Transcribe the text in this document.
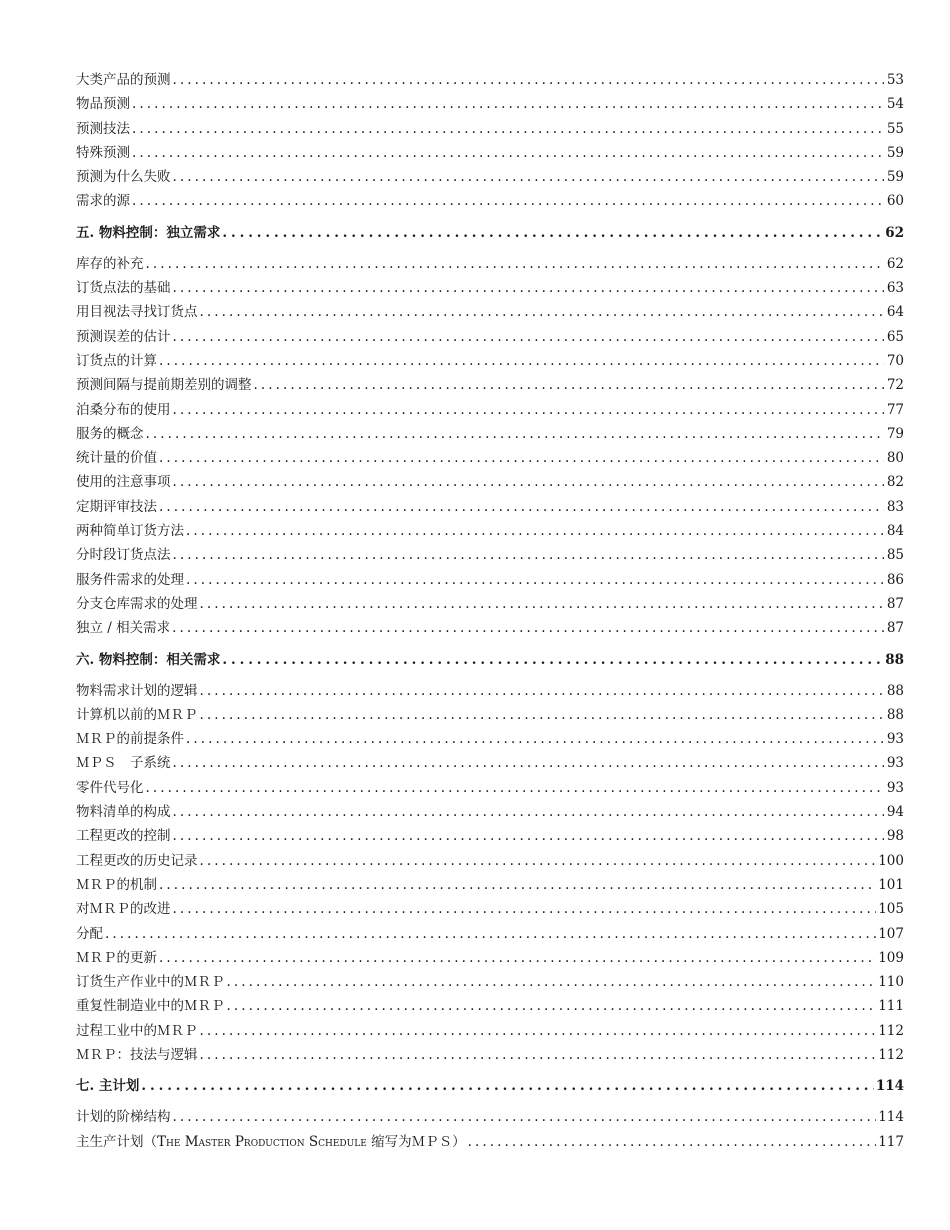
大类产品的预测 . . .	53
物品预测 . . .	54
预测技法 . . .	55
特殊预测 . . .	59
预测为什么失败 . . .	59
需求的源 . . .	60
五. 物料控制：独立需求 . . .	62
库存的补充 . . .	62
订货点法的基础 . . .	63
用目视法寻找订货点 . . .	64
预测误差的估计 . . .	65
订货点的计算 . . .	70
预测间隔与提前期差别的调整 . . .	72
泊桑分布的使用 . . .	77
服务的概念 . . .	79
统计量的价值 . . .	80
使用的注意事项 . . .	82
定期评审技法 . . .	83
两种简单订货方法 . . .	84
分时段订货点法 . . .	85
服务件需求的处理 . . .	86
分支仓库需求的处理 . . .	87
独立 / 相关需求 . . .	87
六. 物料控制：相关需求 . . .	88
物料需求计划的逻辑 . . .	88
计算机以前的ＭＲＰ . . .	88
ＭＲＰ的前提条件 . . .	93
ＭＰＳ　子系统 . . .	93
零件代号化 . . .	93
物料清单的构成 . . .	94
工程更改的控制 . . .	98
工程更改的历史记录 . . .	100
ＭＲＰ的机制 . . .	101
对ＭＲＰ的改进 . . .	105
分配 . . .	107
ＭＲＰ的更新 . . .	109
订货生产作业中的ＭＲＰ . . .	110
重复性制造业中的ＭＲＰ . . .	111
过程工业中的ＭＲＰ . . .	112
ＭＲＰ：技法与逻辑 . . .	112
七. 主计划 . . .	114
计划的阶梯结构 . . .	114
主生产计划（The Master Production Schedule 缩写为ＭＰＳ） . . .	117
